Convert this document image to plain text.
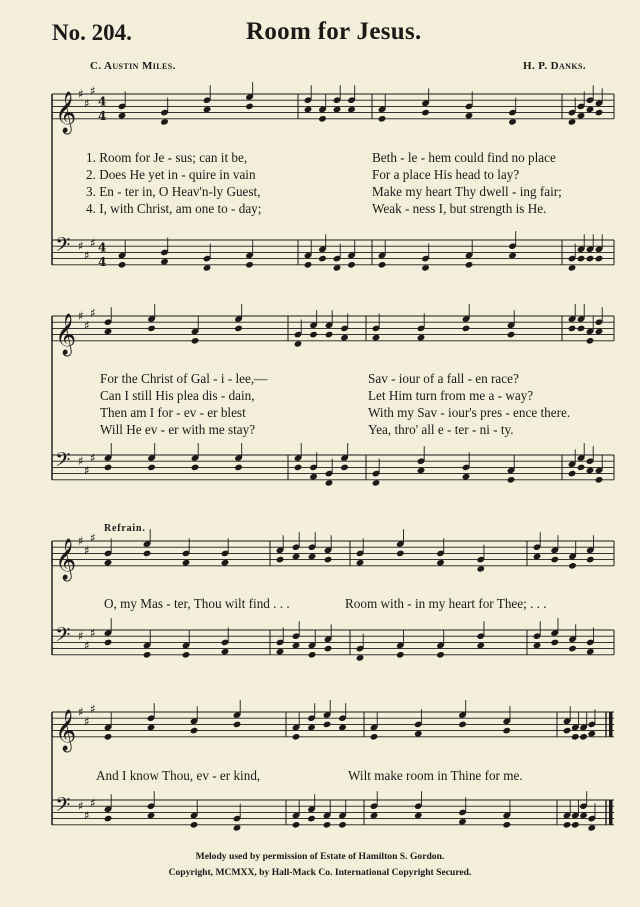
No. 204.	Room for Jesus.
C. Austin Miles.	H. P. Danks.
𝄞 ♯
♯
♯
4
4
𝄢 ♯
♯
♯ 4
4
𝄞 ♯
♯
♯
𝄢 ♯
♯
♯
𝄞 ♯
♯
♯
𝄢 ♯
♯
♯
𝄞 ♯
♯
♯
𝄢 ♯
♯
♯
1. Room for Je - sus; can it be,	Beth - le - hem could find no place
2. Does He yet in - quire in vain	For a place His head to lay?
3. En - ter in, O Heav'n-ly Guest,	Make my heart Thy dwell - ing fair;
4. I, with Christ, am one to - day;	Weak - ness I, but strength is He.
For the Christ of Gal - i - lee,—	Sav - iour of a fall - en race?
Can I still His plea dis - dain,	Let Him turn from me a - way?
Then am I for - ev - er blest	With my Sav - iour's pres - ence there.
Will He ev - er with me stay?	Yea, thro' all e - ter - ni - ty.
Refrain.
O, my Mas - ter, Thou wilt find . . .	Room with - in my heart for Thee; . . .
And I know Thou, ev - er kind,	Wilt make room in Thine for me.
Melody used by permission of Estate of Hamilton S. Gordon.
Copyright, MCMXX, by Hall-Mack Co. International Copyright Secured.
